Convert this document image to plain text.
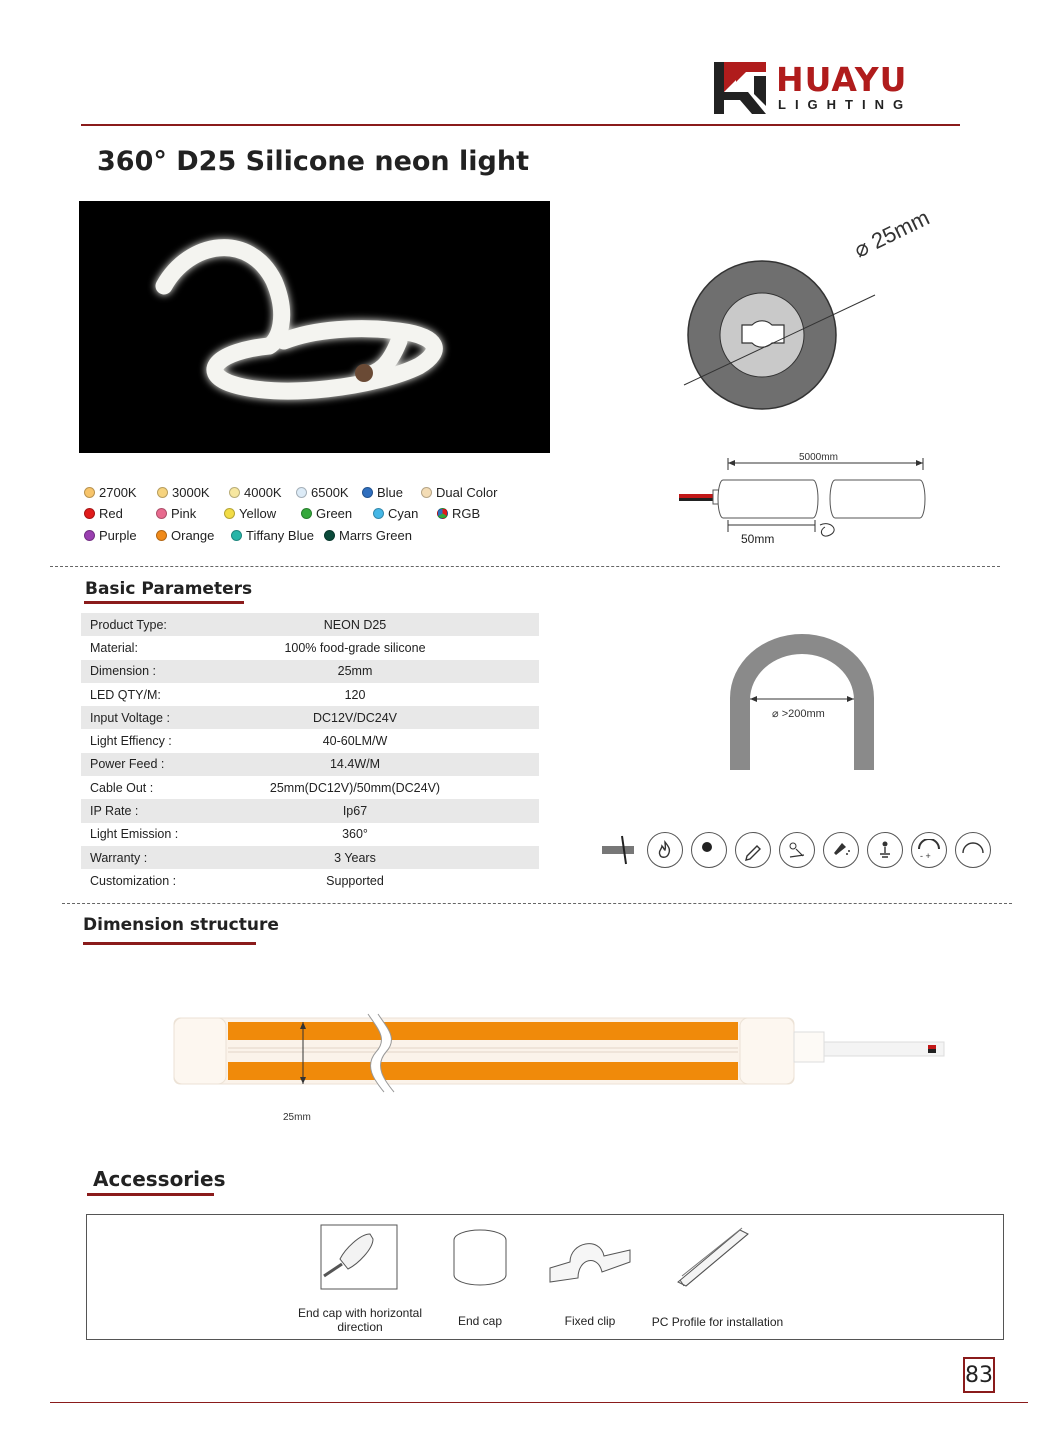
HUAYU
LIGHTING
360° D25 Silicone neon light
⌀ 25mm
5000mm
50mm
2700K	3000K	4000K 6500K Blue	Dual Color
Red	Pink	Yellow	Green	Cyan	RGB
Purple	Orange Tiffany Blue Marrs Green
Basic Parameters
Product Type:	NEON D25
Material:	100% food-grade silicone
Dimension :	25mm
LED QTY/M:	120
Input Voltage :	DC12V/DC24V
Light Effiency :	40-60LM/W
Power Feed :	14.4W/M
Cable Out :	25mm(DC12V)/50mm(DC24V)
IP Rate :	Ip67
Light Emission :	360°
Warranty :	3 Years
Customization :	Supported
⌀ >200mm
- +
Dimension structure
25mm
Accessories
End cap with horizontal direction	End cap	Fixed clip	PC Profile for installation
83
